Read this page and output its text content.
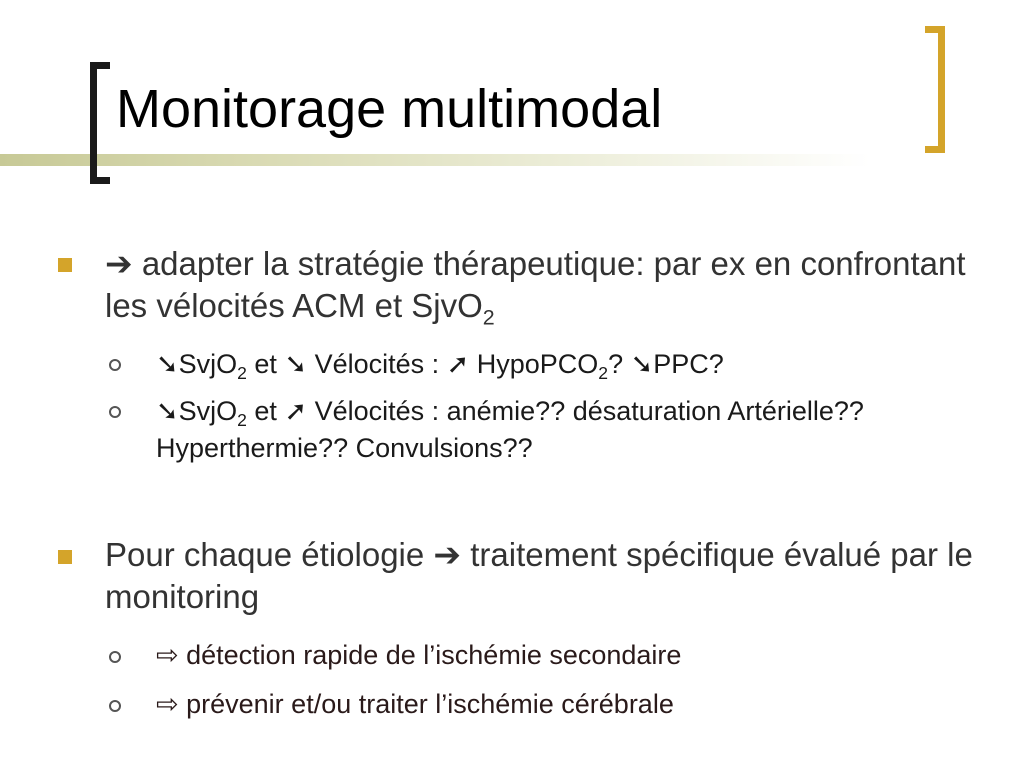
Monitorage multimodal
➔ adapter la stratégie thérapeutique: par ex en confrontant les vélocités ACM et SjvO$_2$
➘SvjO$_2$ et ➘ Vélocités : ➚ HypoPCO$_2$? ➘PPC?
➘SvjO$_2$ et ➚ Vélocités : anémie?? désaturation Artérielle?? Hyperthermie?? Convulsions??
Pour chaque étiologie ➔ traitement spécifique évalué par le monitoring
⇨ détection rapide de l’ischémie secondaire
⇨ prévenir et/ou traiter l’ischémie cérébrale
